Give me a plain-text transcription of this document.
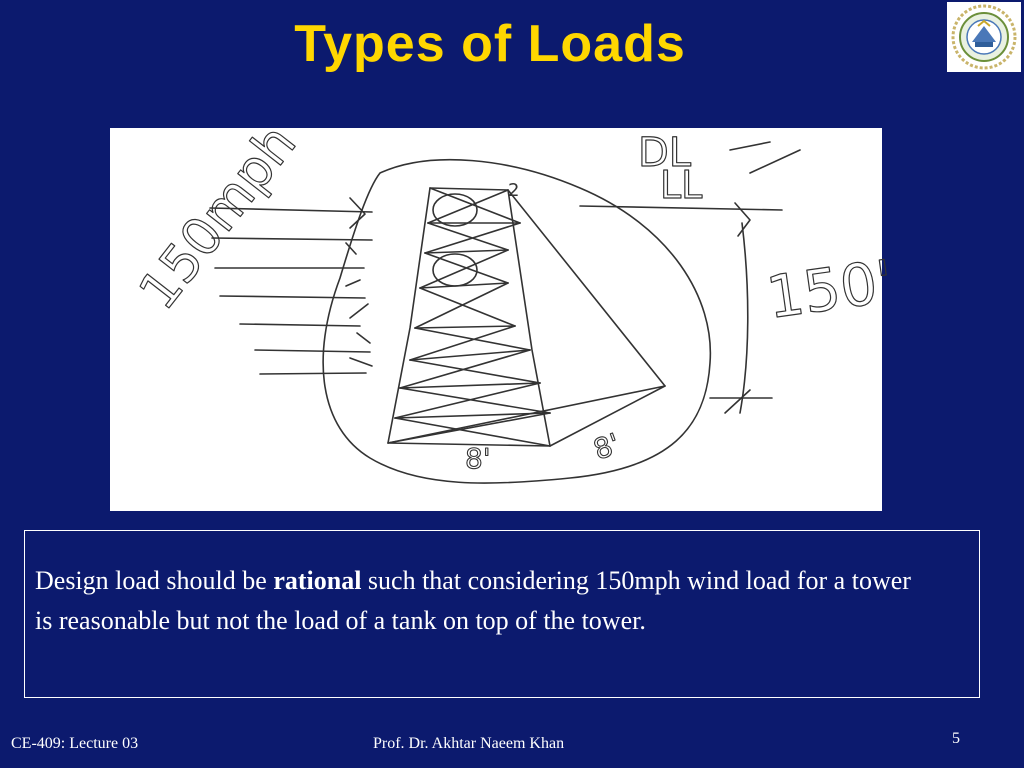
Types of Loads
150mph	2
DL
LL
150'
8'	8'

Design load should be rational such that considering 150mph wind load for a tower is reasonable but not the load of a tank on top of the tower.

CE-409: Lecture 03	Prof. Dr. Akhtar Naeem Khan	5
